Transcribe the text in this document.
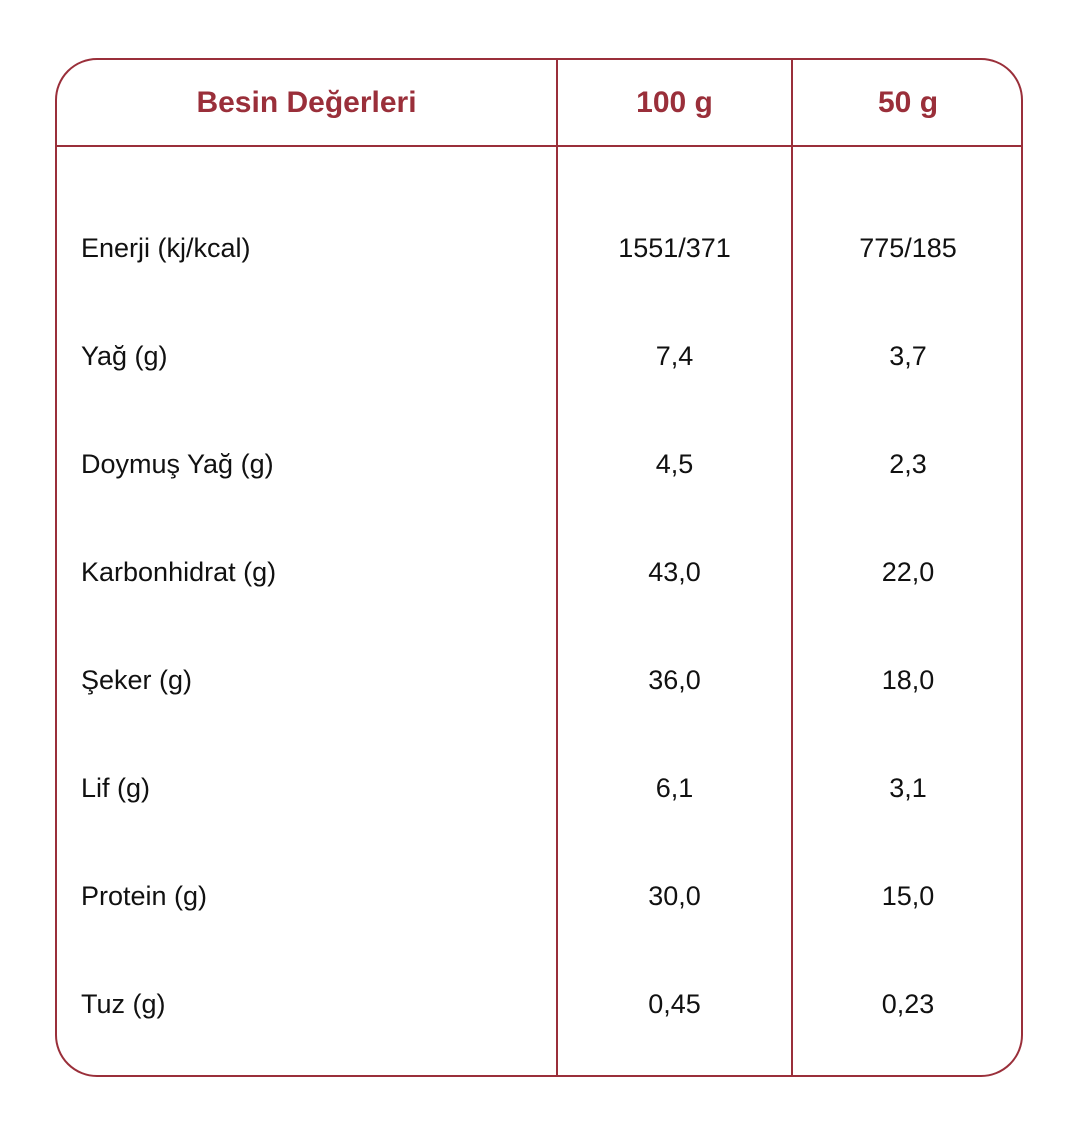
Besin Değerleri	100 g	50 g
Enerji (kj/kcal)	1551/371	775/185
Yağ (g)	7,4	3,7
Doymuş Yağ (g)	4,5	2,3
Karbonhidrat (g)	43,0	22,0
Şeker (g)	36,0	18,0
Lif (g)	6,1	3,1
Protein (g)	30,0	15,0
Tuz (g)	0,45	0,23
